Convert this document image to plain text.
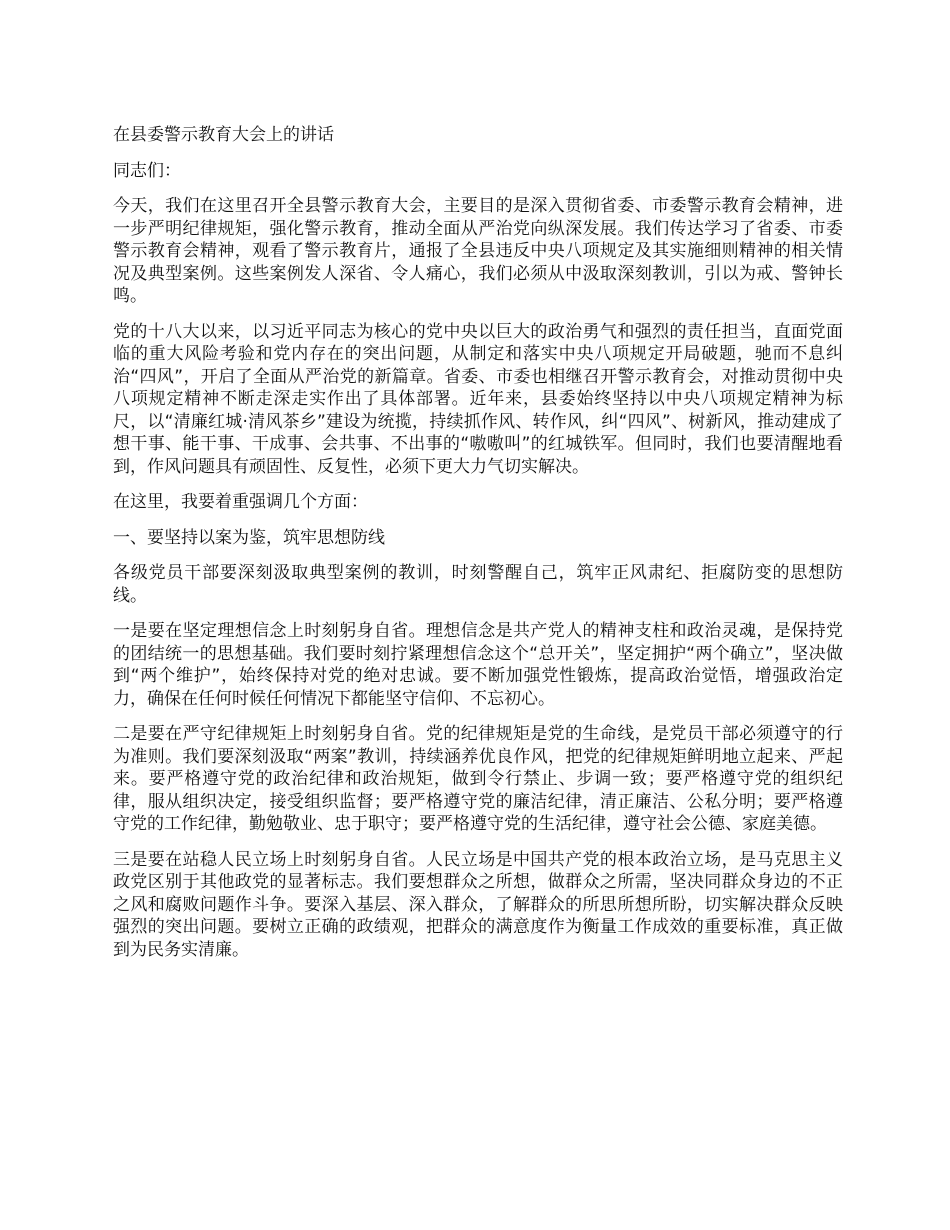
在县委警示教育大会上的讲话
同志们：
今天，我们在这里召开全县警示教育大会，主要目的是深入贯彻省委、市委警示教育会精神，进一步严明纪律规矩，强化警示教育，推动全面从严治党向纵深发展。我们传达学习了省委、市委警示教育会精神，观看了警示教育片，通报了全县违反中央八项规定及其实施细则精神的相关情况及典型案例。这些案例发人深省、令人痛心，我们必须从中汲取深刻教训，引以为戒、警钟长鸣。
党的十八大以来，以习近平同志为核心的党中央以巨大的政治勇气和强烈的责任担当，直面党面临的重大风险考验和党内存在的突出问题，从制定和落实中央八项规定开局破题，驰而不息纠治“四风”，开启了全面从严治党的新篇章。省委、市委也相继召开警示教育会，对推动贯彻中央八项规定精神不断走深走实作出了具体部署。近年来，县委始终坚持以中央八项规定精神为标尺，以“清廉红城·清风茶乡”建设为统揽，持续抓作风、转作风，纠“四风”、树新风，推动建成了想干事、能干事、干成事、会共事、不出事的“嗷嗷叫”的红城铁军。但同时，我们也要清醒地看到，作风问题具有顽固性、反复性，必须下更大力气切实解决。
在这里，我要着重强调几个方面：
一、要坚持以案为鉴，筑牢思想防线
各级党员干部要深刻汲取典型案例的教训，时刻警醒自己，筑牢正风肃纪、拒腐防变的思想防线。
一是要在坚定理想信念上时刻躬身自省。理想信念是共产党人的精神支柱和政治灵魂，是保持党的团结统一的思想基础。我们要时刻拧紧理想信念这个“总开关”，坚定拥护“两个确立”，坚决做到“两个维护”，始终保持对党的绝对忠诚。要不断加强党性锻炼，提高政治觉悟，增强政治定力，确保在任何时候任何情况下都能坚守信仰、不忘初心。
二是要在严守纪律规矩上时刻躬身自省。党的纪律规矩是党的生命线，是党员干部必须遵守的行为准则。我们要深刻汲取“两案”教训，持续涵养优良作风，把党的纪律规矩鲜明地立起来、严起来。要严格遵守党的政治纪律和政治规矩，做到令行禁止、步调一致；要严格遵守党的组织纪律，服从组织决定，接受组织监督；要严格遵守党的廉洁纪律，清正廉洁、公私分明；要严格遵守党的工作纪律，勤勉敬业、忠于职守；要严格遵守党的生活纪律，遵守社会公德、家庭美德。
三是要在站稳人民立场上时刻躬身自省。人民立场是中国共产党的根本政治立场，是马克思主义政党区别于其他政党的显著标志。我们要想群众之所想，做群众之所需，坚决同群众身边的不正之风和腐败问题作斗争。要深入基层、深入群众，了解群众的所思所想所盼，切实解决群众反映强烈的突出问题。要树立正确的政绩观，把群众的满意度作为衡量工作成效的重要标准，真正做到为民务实清廉。
